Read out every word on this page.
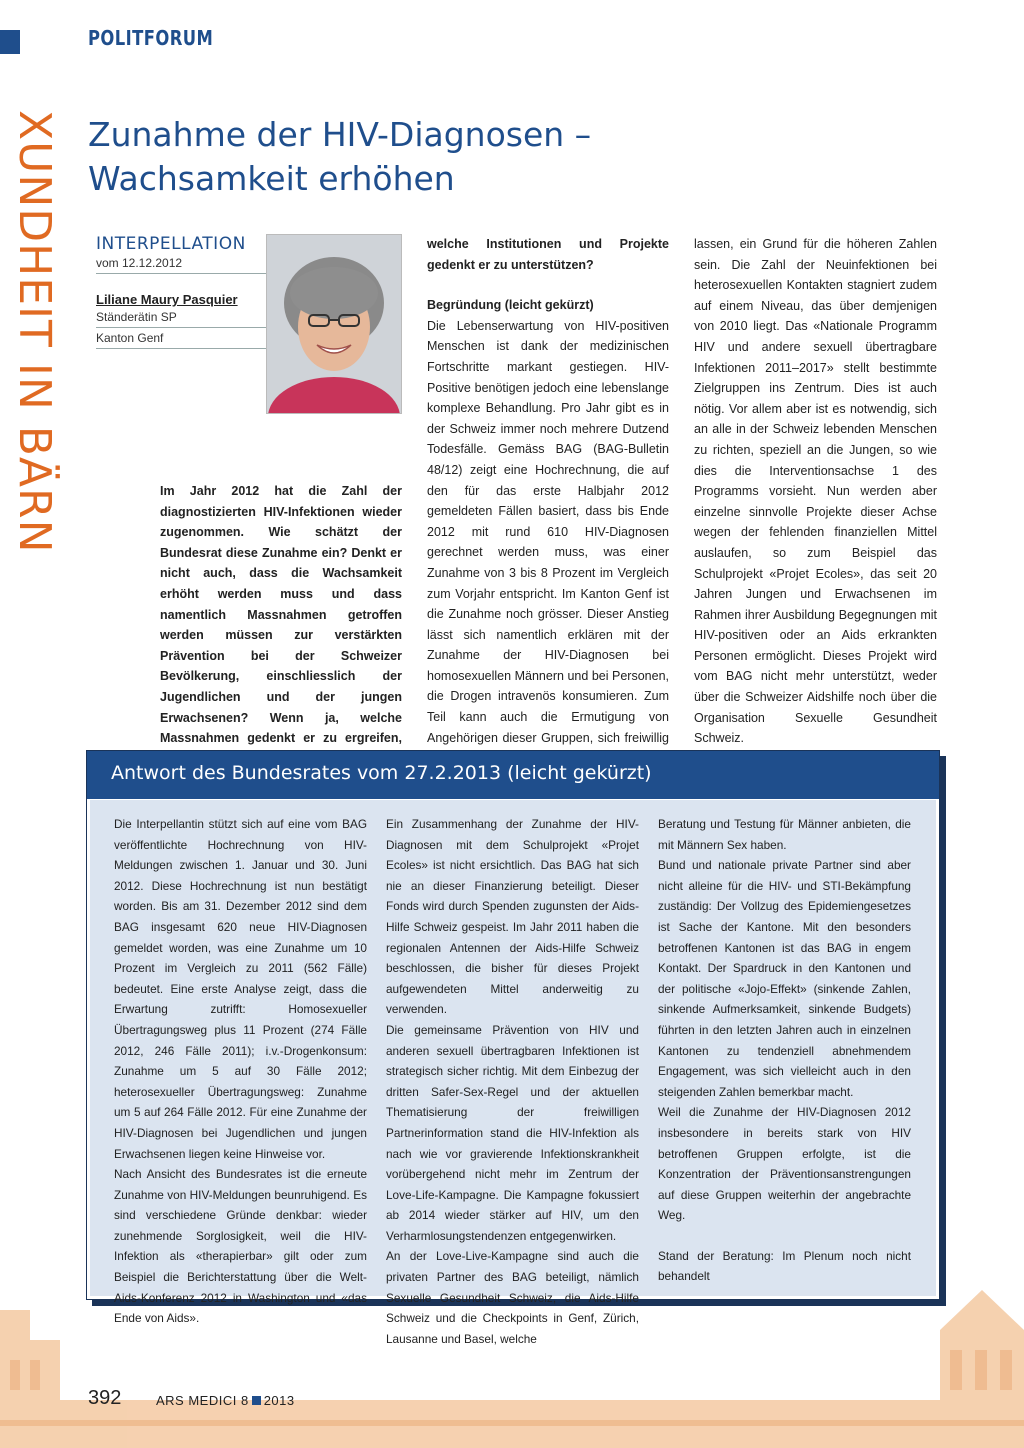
POLITFORUM
XUNDHEIT IN BÄRN Zunahme der HIV-Diagnosen –
Wachsamkeit erhöhen
INTERPELLATION
vom 12.12.2012
Liliane Maury Pasquier
Ständerätin SP
Kanton Genf
Im Jahr 2012 hat die Zahl der diagnostizierten HIV-Infektionen wieder zugenommen. Wie schätzt der Bundesrat diese Zunahme ein? Denkt er nicht auch, dass die Wachsamkeit erhöht werden muss und dass namentlich Massnahmen getroffen werden müssen zur verstärkten Prävention bei der Schweizer Bevölkerung, einschliesslich der Jugendlichen und der jungen Erwachsenen? Wenn ja, welche Massnahmen gedenkt er zu ergreifen,

welche Institutionen und Projekte gedenkt er zu unterstützen?

Begründung (leicht gekürzt)

Die Lebenserwartung von HIV-positiven Menschen ist dank der medizinischen Fortschritte markant gestiegen. HIV-Positive benötigen jedoch eine lebenslange komplexe Behandlung. Pro Jahr gibt es in der Schweiz immer noch mehrere Dutzend Todesfälle. Gemäss BAG (BAG-Bulletin 48/12) zeigt eine Hochrechnung, die auf den für das erste Halbjahr 2012 gemeldeten Fällen basiert, dass bis Ende 2012 mit rund 610 HIV-Diagnosen gerechnet werden muss, was einer Zunahme von 3 bis 8 Prozent im Vergleich zum Vorjahr entspricht. Im Kanton Genf ist die Zunahme noch grösser. Dieser Anstieg lässt sich namentlich erklären mit der Zunahme der HIV-Diagnosen bei homosexuellen Männern und bei Personen, die Drogen intravenös konsumieren. Zum Teil kann auch die Ermutigung von Angehörigen dieser Gruppen, sich freiwillig

lassen, ein Grund für die höheren Zahlen sein. Die Zahl der Neuinfektionen bei heterosexuellen Kontakten stagniert zudem auf einem Niveau, das über demjenigen von 2010 liegt. Das «Nationale Programm HIV und andere sexuell übertragbare Infektionen 2011–2017» stellt bestimmte Zielgruppen ins Zentrum. Dies ist auch nötig. Vor allem aber ist es notwendig, sich an alle in der Schweiz lebenden Menschen zu richten, speziell an die Jungen, so wie dies die Interventionsachse 1 des Programms vorsieht. Nun werden aber einzelne sinnvolle Projekte dieser Achse wegen der fehlenden finanziellen Mittel auslaufen, so zum Beispiel das Schulprojekt «Projet Ecoles», das seit 20 Jahren Jungen und Erwachsenen im Rahmen ihrer Ausbildung Begegnungen mit HIV-positiven oder an Aids erkrankten Personen ermöglicht. Dieses Projekt wird vom BAG nicht mehr unterstützt, weder über die Schweizer Aidshilfe noch über die Organisation Sexuelle Gesundheit Schweiz.

Antwort des Bundesrates vom 27.2.2013 (leicht gekürzt)

Die Interpellantin stützt sich auf eine vom BAG veröffentlichte Hochrechnung von HIV-Meldungen zwischen 1. Januar und 30. Juni 2012. Diese Hochrechnung ist nun bestätigt worden. Bis am 31. Dezember 2012 sind dem BAG insgesamt 620 neue HIV-Diagnosen gemeldet worden, was eine Zunahme um 10 Prozent im Vergleich zu 2011 (562 Fälle) bedeutet. Eine erste Analyse zeigt, dass die Erwartung zutrifft: Homosexueller Übertragungsweg plus 11 Prozent (274 Fälle 2012, 246 Fälle 2011); i.v.-Drogenkonsum: Zunahme um 5 auf 30 Fälle 2012; heterosexueller Übertragungsweg: Zunahme um 5 auf 264 Fälle 2012. Für eine Zunahme der HIV-Diagnosen bei Jugendlichen und jungen Erwachsenen liegen keine Hinweise vor.

Nach Ansicht des Bundesrates ist die erneute Zunahme von HIV-Meldungen beunruhigend. Es sind verschiedene Gründe denkbar: wieder zunehmende Sorglosigkeit, weil die HIV-Infektion als «therapierbar» gilt oder zum Beispiel die Berichterstattung über die Welt-Aids-Konferenz 2012 in Washington und «das Ende von Aids».

Ein Zusammenhang der Zunahme der HIV-Diagnosen mit dem Schulprojekt «Projet Ecoles» ist nicht ersichtlich. Das BAG hat sich nie an dieser Finanzierung beteiligt. Dieser Fonds wird durch Spenden zugunsten der Aids-Hilfe Schweiz gespeist. Im Jahr 2011 haben die regionalen Antennen der Aids-Hilfe Schweiz beschlossen, die bisher für dieses Projekt aufgewendeten Mittel anderweitig zu verwenden.

Die gemeinsame Prävention von HIV und anderen sexuell übertragbaren Infektionen ist strategisch sicher richtig. Mit dem Einbezug der dritten Safer-Sex-Regel und der aktuellen Thematisierung der freiwilligen Partnerinformation stand die HIV-Infektion als nach wie vor gravierende Infektionskrankheit vorübergehend nicht mehr im Zentrum der Love-Life-Kampagne. Die Kampagne fokussiert ab 2014 wieder stärker auf HIV, um den Verharmlosungstendenzen entgegenwirken.

An der Love-Live-Kampagne sind auch die privaten Partner des BAG beteiligt, nämlich Sexuelle Gesundheit Schweiz, die Aids-Hilfe Schweiz und die Checkpoints in Genf, Zürich, Lausanne und Basel, welche

Beratung und Testung für Männer anbieten, die mit Männern Sex haben.

Bund und nationale private Partner sind aber nicht alleine für die HIV- und STI-Bekämpfung zuständig: Der Vollzug des Epidemiengesetzes ist Sache der Kantone. Mit den besonders betroffenen Kantonen ist das BAG in engem Kontakt. Der Spardruck in den Kantonen und der politische «Jojo-Effekt» (sinkende Zahlen, sinkende Aufmerksamkeit, sinkende Budgets) führten in den letzten Jahren auch in einzelnen Kantonen zu tendenziell abnehmendem Engagement, was sich vielleicht auch in den steigenden Zahlen bemerkbar macht.

Weil die Zunahme der HIV-Diagnosen 2012 insbesondere in bereits stark von HIV betroffenen Gruppen erfolgte, ist die Konzentration der Präventionsanstrengungen auf diese Gruppen weiterhin der angebrachte Weg.

Stand der Beratung: Im Plenum noch nicht behandelt

392	ARS MEDICI 8 2013
